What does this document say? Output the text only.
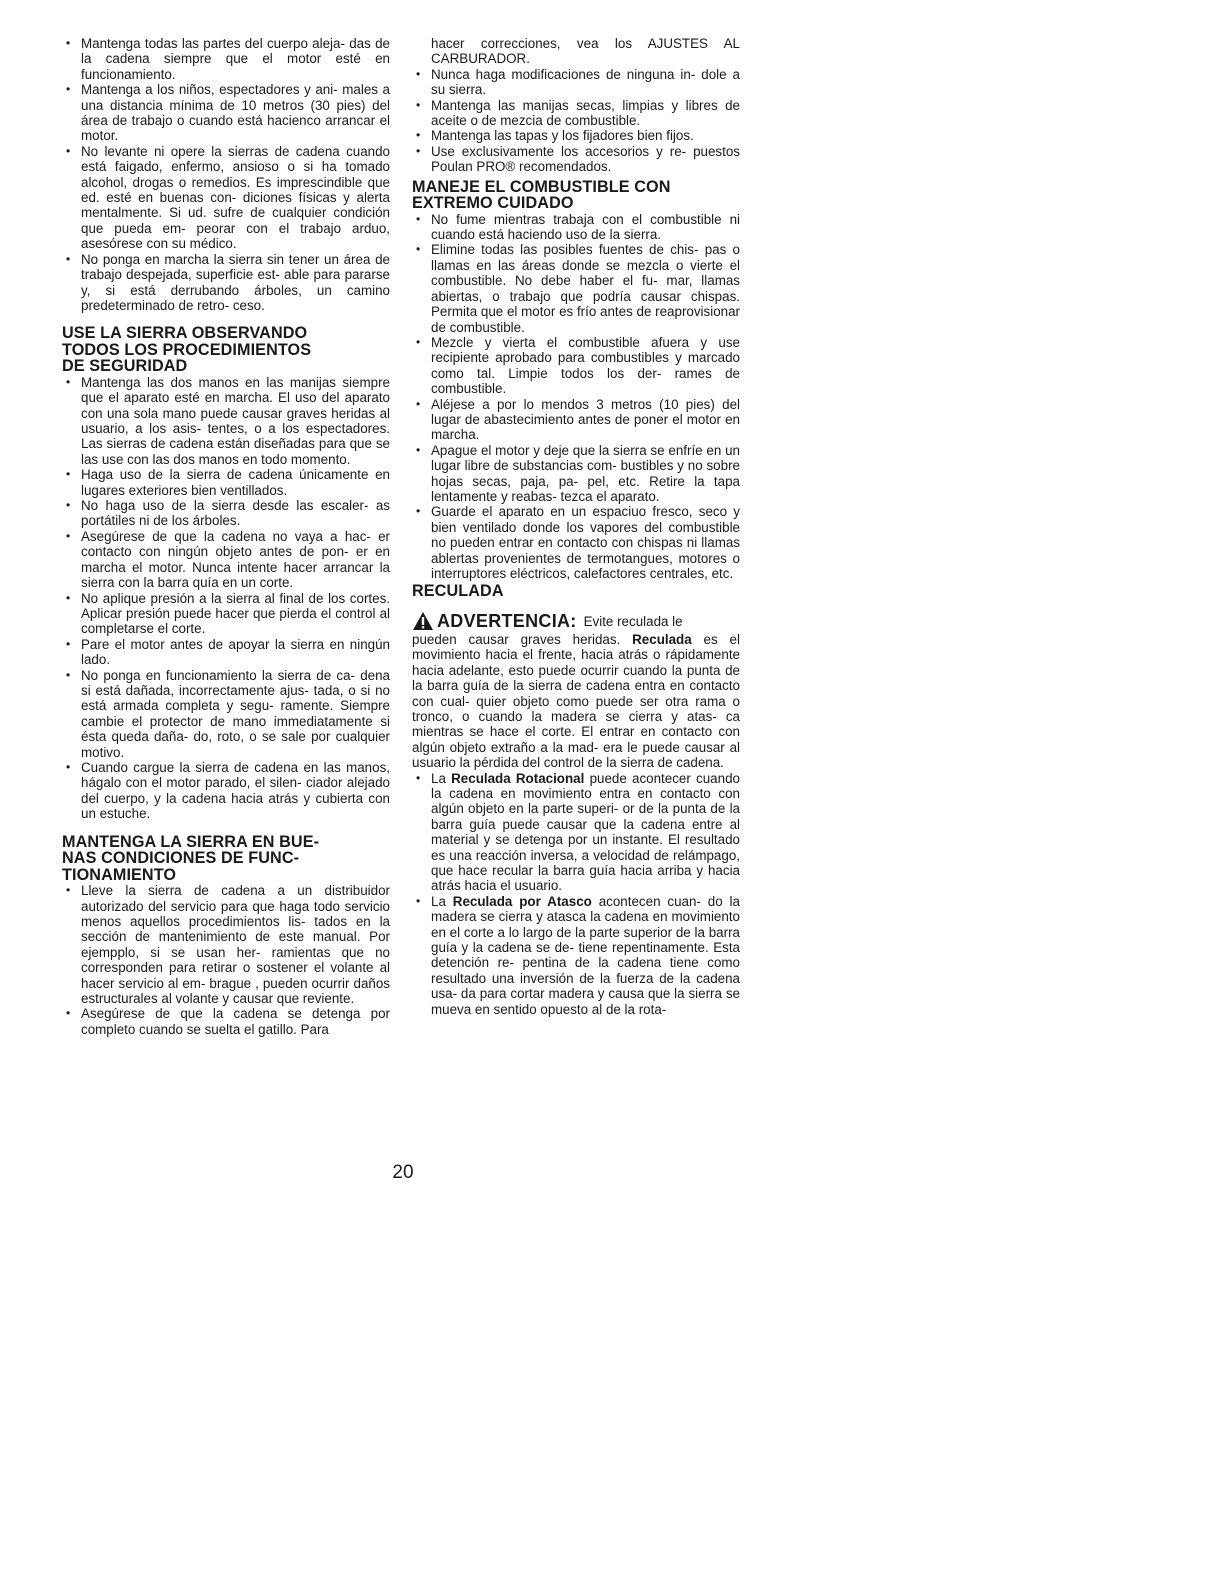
• Mantenga todas las partes del cuerpo aleja- das de la cadena siempre que el motor esté en funcionamiento.
• Mantenga a los niños, espectadores y ani- males a una distancia mínima de 10 metros (30 pies) del área de trabajo o cuando está hacienco arrancar el motor.
• No levante ni opere la sierras de cadena cuando está faigado, enfermo, ansioso o si ha tomado alcohol, drogas o remedios. Es imprescindible que ed. esté en buenas con- diciones físicas y alerta mentalmente. Si ud. sufre de cualquier condición que pueda em- peorar con el trabajo arduo, asesórese con su médico.
• No ponga en marcha la sierra sin tener un área de trabajo despejada, superficie est- able para pararse y, si está derrubando árboles, un camino predeterminado de retro- ceso.
USE LA SIERRA OBSERVANDO
TODOS LOS PROCEDIMIENTOS
DE SEGURIDAD
• Mantenga las dos manos en las manijas siempre que el aparato esté en marcha. El uso del aparato con una sola mano puede causar graves heridas al usuario, a los asis- tentes, o a los espectadores. Las sierras de cadena están diseñadas para que se las use con las dos manos en todo momento.
• Haga uso de la sierra de cadena únicamente en lugares exteriores bien ventillados.
• No haga uso de la sierra desde las escaler- as portátiles ni de los árboles.
• Asegúrese de que la cadena no vaya a hac- er contacto con ningún objeto antes de pon- er en marcha el motor. Nunca intente hacer arrancar la sierra con la barra quía en un corte.
• No aplique presión a la sierra al final de los cortes. Aplicar presión puede hacer que pierda el control al completarse el corte.
• Pare el motor antes de apoyar la sierra en ningún lado.
• No ponga en funcionamiento la sierra de ca- dena si está dañada, incorrectamente ajus- tada, o si no está armada completa y segu- ramente. Siempre cambie el protector de mano immediatamente si ésta queda daña- do, roto, o se sale por cualquier motivo.
• Cuando cargue la sierra de cadena en las manos, hágalo con el motor parado, el silen- ciador alejado del cuerpo, y la cadena hacia atrás y cubierta con un estuche.
MANTENGA LA SIERRA EN BUE-
NAS CONDICIONES DE FUNC-
TIONAMIENTO
• Lleve la sierra de cadena a un distribuidor autorizado del servicio para que haga todo servicio menos aquellos procedimientos lis- tados en la sección de mantenimiento de este manual. Por ejempplo, si se usan her- ramientas que no corresponden para retirar o sostener el volante al hacer servicio al em- brague , pueden ocurrir daños estructurales al volante y causar que reviente.
• Asegúrese de que la cadena se detenga por completo cuando se suelta el gatillo. Para

hacer correcciones, vea los AJUSTES AL CARBURADOR.

• Nunca haga modificaciones de ninguna in- dole a su sierra.
• Mantenga las manijas secas, limpias y libres de aceite o de mezcia de combustible.
• Mantenga las tapas y los fijadores bien fijos.
• Use exclusivamente los accesorios y re- puestos Poulan PRO® recomendados.
MANEJE EL COMBUSTIBLE CON
EXTREMO CUIDADO
• No fume mientras trabaja con el combustible ni cuando está haciendo uso de la sierra.
• Elimine todas las posibles fuentes de chis- pas o llamas en las áreas donde se mezcla o vierte el combustible. No debe haber el fu- mar, llamas abiertas, o trabajo que podría causar chispas. Permita que el motor es frío antes de reaprovisionar de combustible.
• Mezcle y vierta el combustible afuera y use recipiente aprobado para combustibles y marcado como tal. Limpie todos los der- rames de combustible.
• Aléjese a por lo mendos 3 metros (10 pies) del lugar de abastecimiento antes de poner el motor en marcha.
• Apague el motor y deje que la sierra se enfríe en un lugar libre de substancias com- bustibles y no sobre hojas secas, paja, pa- pel, etc. Retire la tapa lentamente y reabas- tezca el aparato.
• Guarde el aparato en un espaciuo fresco, seco y bien ventilado donde los vapores del combustible no pueden entrar en contacto con chispas ni llamas ablertas provenientes de termotangues, motores o interruptores eléctricos, calefactores centrales, etc.
RECULADA
ADVERTENCIA: Evite reculada le

pueden causar graves heridas. Reculada es el movimiento hacia el frente, hacia atrás o rápidamente hacia adelante, esto puede ocurrir cuando la punta de la barra guía de la sierra de cadena entra en contacto con cual- quier objeto como puede ser otra rama o tronco, o cuando la madera se cierra y atas- ca mientras se hace el corte. El entrar en contacto con algún objeto extraño a la mad- era le puede causar al usuario la pérdida del control de la sierra de cadena.

• La Reculada Rotacional puede acontecer cuando la cadena en movimiento entra en contacto con algún objeto en la parte superi- or de la punta de la barra guía puede causar que la cadena entre al material y se detenga por un instante. El resultado es una reacción inversa, a velocidad de relámpago, que hace recular la barra guía hacia arriba y hacia atrás hacia el usuario.
• La Reculada por Atasco acontecen cuan- do la madera se cierra y atasca la cadena en movimiento en el corte a lo largo de la parte superior de la barra guía y la cadena se de- tiene repentinamente. Esta detención re- pentina de la cadena tiene como resultado una inversión de la fuerza de la cadena usa- da para cortar madera y causa que la sierra se mueva en sentido opuesto al de la rota-
20
